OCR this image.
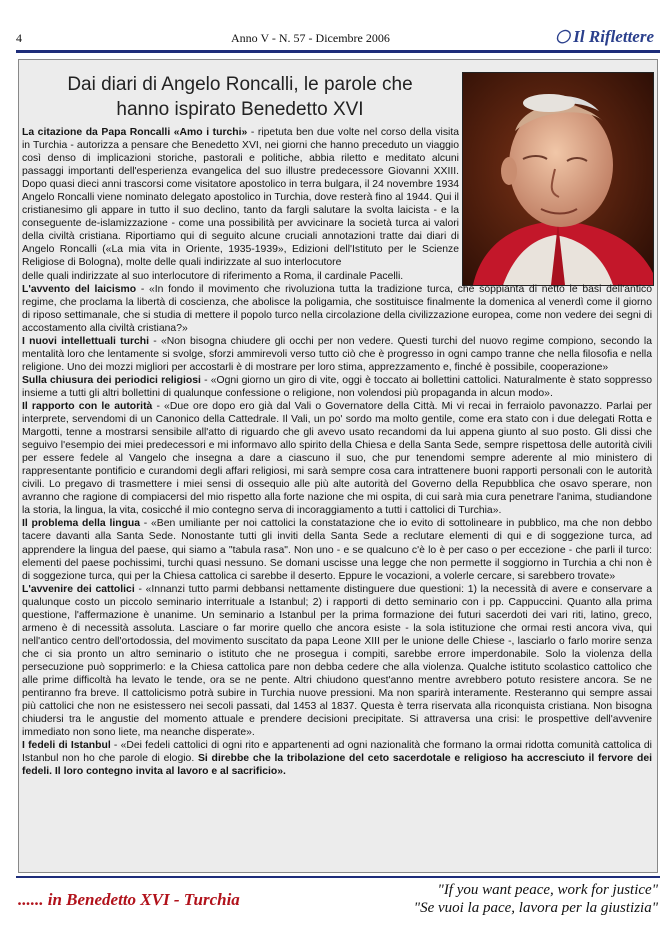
4	Anno V - N. 57 - Dicembre 2006	◯ Il Riflettere
Dai diari di Angelo Roncalli, le parole che
hanno ispirato Benedetto XVI

La citazione da Papa Roncalli «Amo i turchi» - ripetuta ben due volte nel corso della visita in Turchia - autorizza a pensare che Benedetto XVI, nei giorni che hanno preceduto un viaggio così denso di implicazioni storiche, pastorali e politiche, abbia riletto e meditato alcuni passaggi importanti dell'esperienza evangelica del suo illustre predecessore Giovanni XXIII. Dopo quasi dieci anni trascorsi come visitatore apostolico in terra bulgara, il 24 novembre 1934 Angelo Roncalli viene nominato delegato apostolico in Turchia, dove resterà fino al 1944. Qui il cristianesimo gli appare in tutto il suo declino, tanto da fargli salutare la svolta laicista - e la conseguente de-islamizzazione - come una possibilità per avvicinare la società turca ai valori della civiltà cristiana. Riportiamo qui di seguito alcune cruciali annotazioni tratte dai diari di Angelo Roncalli («La mia vita in Oriente, 1935-1939», Edizioni dell'Istituto per le Scienze Religiose di Bologna), molte delle quali indirizzate al suo interlocutore

delle quali indirizzate al suo interlocutore di riferimento a Roma, il cardinale Pacelli.

L'avvento del laicismo - «In fondo il movimento che rivoluziona tutta la tradizione turca, che soppianta di netto le basi dell'antico regime, che proclama la libertà di coscienza, che abolisce la poligamia, che sostituisce finalmente la domenica al venerdì come il giorno di riposo settimanale, che si studia di mettere il popolo turco nella circolazione della civilizzazione europea, come non vedere dei segni di accostamento alla civiltà cristiana?»

I nuovi intellettuali turchi - «Non bisogna chiudere gli occhi per non vedere. Questi turchi del nuovo regime compiono, secondo la mentalità loro che lentamente si svolge, sforzi ammirevoli verso tutto ciò che è progresso in ogni campo tranne che nella filosofia e nella religione. Uno dei mozzi migliori per accostarli è di mostrare per loro stima, apprezzamento e, finché è possibile, cooperazione»

Sulla chiusura dei periodici religiosi - «Ogni giorno un giro di vite, oggi è toccato ai bollettini cattolici. Naturalmente è stato soppresso insieme a tutti gli altri bollettini di qualunque confessione o religione, non volendosi più propaganda in alcun modo».

Il rapporto con le autorità - «Due ore dopo ero già dal Vali o Governatore della Città. Mi vi recai in ferraiolo pavonazzo. Parlai per interprete, servendomi di un Canonico della Cattedrale. Il Vali, un po' sordo ma molto gentile, come era stato con i due delegati Rotta e Margotti, tenne a mostrarsi sensibile all'atto di riguardo che gli avevo usato recandomi da lui appena giunto al suo posto. Gli dissi che seguivo l'esempio dei miei predecessori e mi informavo allo spirito della Chiesa e della Santa Sede, sempre rispettosa delle autorità civili per essere fedele al Vangelo che insegna a dare a ciascuno il suo, che pur tenendomi sempre aderente al mio ministero di rappresentante pontificio e curandomi degli affari religiosi, mi sarà sempre cosa cara intrattenere buoni rapporti personali con le autorità civili. Lo pregavo di trasmettere i miei sensi di ossequio alle più alte autorità del Governo della Repubblica che osavo sperare, non avranno che ragione di compiacersi del mio rispetto alla forte nazione che mi ospita, di cui sarà mia cura penetrare l'anima, studiandone la storia, la lingua, la vita, cosicché il mio contegno serva di incoraggiamento a tutti i cattolici di Turchia».

Il problema della lingua - «Ben umiliante per noi cattolici la constatazione che io evito di sottolineare in pubblico, ma che non debbo tacere davanti alla Santa Sede. Nonostante tutti gli inviti della Santa Sede a reclutare elementi di qui e di soggezione turca, ad apprendere la lingua del paese, qui siamo a "tabula rasa". Non uno - e se qualcuno c'è lo è per caso o per eccezione - che parli il turco: elementi del paese pochissimi, turchi quasi nessuno. Se domani uscisse una legge che non permette il soggiorno in Turchia a chi non è di soggezione turca, qui per la Chiesa cattolica ci sarebbe il deserto. Eppure le vocazioni, a volerle cercare, si sarebbero trovate»

L'avvenire dei cattolici - «Innanzi tutto parmi debbansi nettamente distinguere due questioni: 1) la necessità di avere e conservare a qualunque costo un piccolo seminario interrituale a Istanbul; 2) i rapporti di detto seminario con i pp. Cappuccini. Quanto alla prima questione, l'affermazione è unanime. Un seminario a Istanbul per la prima formazione dei futuri sacerdoti dei vari riti, latino, greco, armeno è di necessità assoluta. Lasciare o far morire quello che ancora esiste - la sola istituzione che ormai resti ancora viva, qui nell'antico centro dell'ortodossia, del movimento suscitato da papa Leone XIII per le unione delle Chiese -, lasciarlo o farlo morire senza che ci sia pronto un altro seminario o istituto che ne prosegua i compiti, sarebbe errore imperdonabile. Solo la violenza della persecuzione può sopprimerlo: e la Chiesa cattolica pare non debba cedere che alla violenza. Qualche istituto scolastico cattolico che alle prime difficoltà ha levato le tende, ora se ne pente. Altri chiudono quest'anno mentre avrebbero potuto resistere ancora. Se ne pentiranno fra breve. Il cattolicismo potrà subire in Turchia nuove pressioni. Ma non sparirà interamente. Resteranno qui sempre assai più cattolici che non ne esistessero nei secoli passati, dal 1453 al 1837. Questa è terra riservata alla riconquista cristiana. Non bisogna chiudersi tra le angustie del momento attuale e prendere decisioni precipitate. Si attraversa una crisi: le prospettive dell'avvenire immediato non sono liete, ma neanche disperate».

I fedeli di Istanbul - «Dei fedeli cattolici di ogni rito e appartenenti ad ogni nazionalità che formano la ormai ridotta comunità cattolica di Istanbul non ho che parole di elogio. Si direbbe che la tribolazione del ceto sacerdotale e religioso ha accresciuto il fervore dei fedeli. Il loro contegno invita al lavoro e al sacrificio».

...... in Benedetto XVI - Turchia	"If you want peace, work for justice"
"Se vuoi la pace, lavora per la giustizia"
